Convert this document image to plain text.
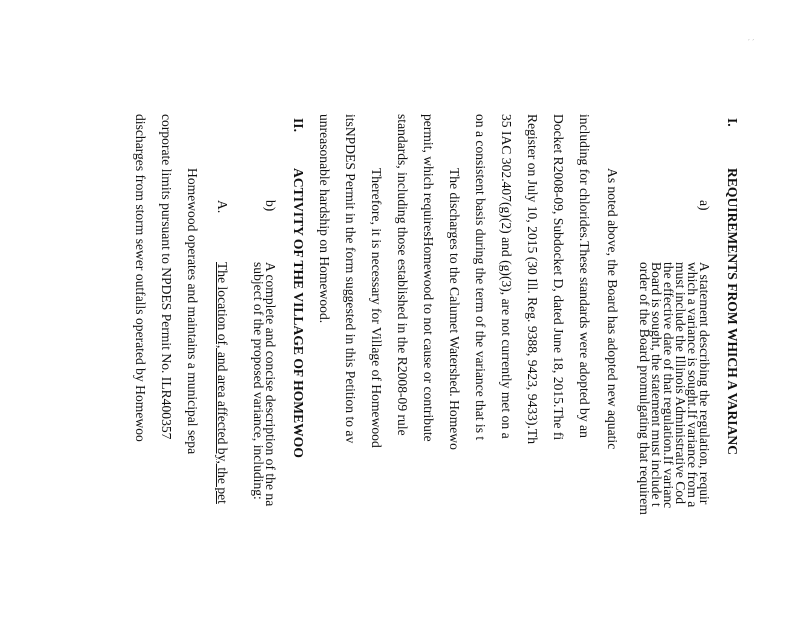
′ ′
I.
REQUIREMENTS FROM WHICH A VARIANC
a)
A statement describing the regulation, requir
which a variance is sought.If variance from a
must include the Illinois Administrative Cod
the effective date of that regulation.If varianc
Board is sought, the statement must include t
order of the Board promulgating that requirem
As noted above, the Board has adopted new aquatic
including for chlorides.These standards were adopted by an
Docket R2008-09, Subdocket D, dated June 18, 2015.The fi
Register on July 10, 2015 (30 Ill. Reg. 9388, 9423, 9433).Th
35 IAC 302.407(g)(2) and (g)(3), are not currently met on a
on a consistent basis during the term of the variance that is t
The discharges to the Calumet Watershed. Homewo
permit, which requiresHomewood to not cause or contribute
standards, including those established in the R2008-09 rule
Therefore, it is necessary for Village of Homewood
itsNPDES Permit in the form suggested in this Petition to av
unreasonable hardship on Homewood.
II.
ACTIVITY OF THE VILLAGE OF HOMEWOO
b)
A complete and concise description of the na
subject of the proposed variance, including:
A.
The location of, and area affected by, the pet
Homewood operates and maintains a municipal sepa
corporate limits pursuant to NPDES Permit No. ILR400357
discharges from storm sewer outfalls operated by Homewoo
